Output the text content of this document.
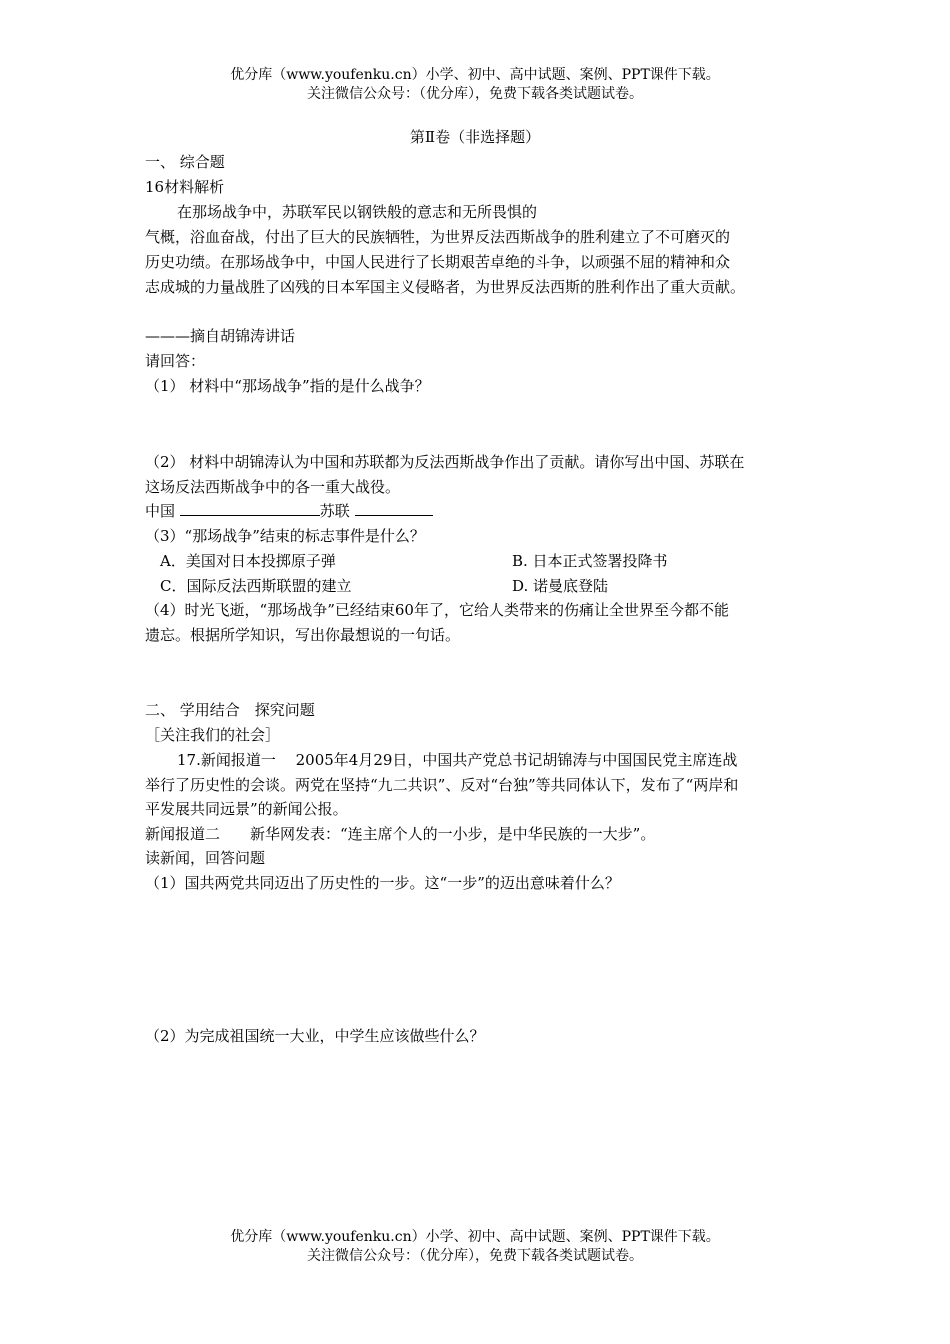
优分库（www.youfenku.cn）小学、初中、高中试题、案例、PPT课件下载。
关注微信公众号：（优分库），免费下载各类试题试卷。
第Ⅱ卷（非选择题）
一、 综合题
16材料解析
在那场战争中，苏联军民以钢铁般的意志和无所畏惧的
气概，浴血奋战，付出了巨大的民族牺牲，为世界反法西斯战争的胜利建立了不可磨灭的
历史功绩。在那场战争中，中国人民进行了长期艰苦卓绝的斗争，以顽强不屈的精神和众
志成城的力量战胜了凶残的日本军国主义侵略者，为世界反法西斯的胜利作出了重大贡献。
———摘自胡锦涛讲话
请回答：
（1） 材料中“那场战争”指的是什么战争？
（2） 材料中胡锦涛认为中国和苏联都为反法西斯战争作出了贡献。请你写出中国、苏联在
这场反法西斯战争中的各一重大战役。
中国	苏联
（3）“那场战争”结束的标志事件是什么？
A．美国对日本投掷原子弹	B. 日本正式签署投降书
C．国际反法西斯联盟的建立	D. 诺曼底登陆
（4）时光飞逝，“那场战争”已经结束60年了，它给人类带来的伤痛让全世界至今都不能
遗忘。根据所学知识，写出你最想说的一句话。
二、 学用结合　探究问题
［关注我们的社会］
17.新闻报道一　 2005年4月29日，中国共产党总书记胡锦涛与中国国民党主席连战
举行了历史性的会谈。两党在坚持“九二共识”、反对“台独”等共同体认下，发布了“两岸和
平发展共同远景”的新闻公报。
新闻报道二　　新华网发表：“连主席个人的一小步，是中华民族的一大步”。
读新闻，回答问题
（1）国共两党共同迈出了历史性的一步。这“一步”的迈出意味着什么？
（2）为完成祖国统一大业，中学生应该做些什么？
优分库（www.youfenku.cn）小学、初中、高中试题、案例、PPT课件下载。
关注微信公众号：（优分库），免费下载各类试题试卷。
